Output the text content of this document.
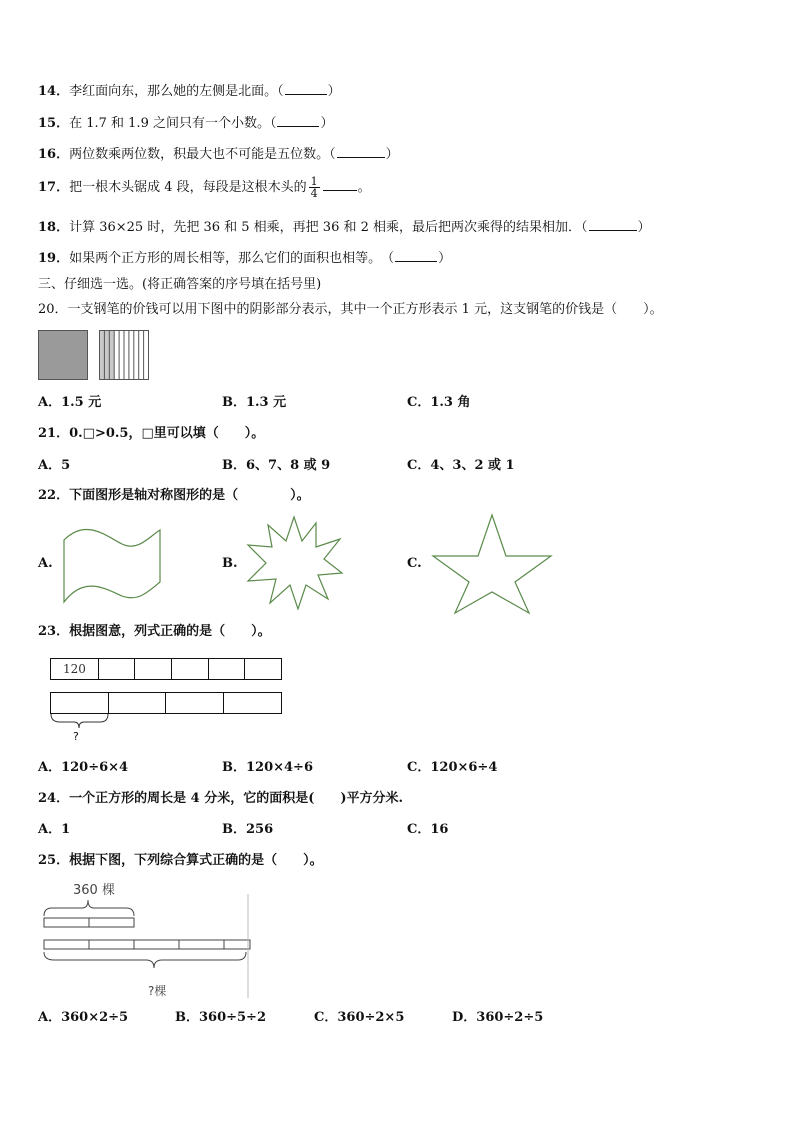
14．李红面向东，那么她的左侧是北面。（	）
15．在 1.7 和 1.9 之间只有一个小数。（	）
16．两位数乘两位数，积最大也不可能是五位数。（	）
17．把一根木头锯成 4 段，每段是这根木头的 $\frac{1}{4}$	。
18．计算 36×25 时，先把 36 和 5 相乘，再把 36 和 2 相乘，最后把两次乘得的结果相加．（	）
19．如果两个正方形的周长相等，那么它们的面积也相等。　（	）
三、仔细选一选。(将正确答案的序号填在括号里)
20．一支钢笔的价钱可以用下图中的阴影部分表示，其中一个正方形表示 1 元，这支钢笔的价钱是（　　）。
A．1.5 元	B．1.3 元	C．1.3 角
21．0.□>0.5，□里可以填（　　）。
A．5	B．6、7、8 或 9	C．4、3、2 或 1
22．下面图形是轴对称图形的是（　　　　）。
A.	B.	C.
23．根据图意，列式正确的是（　　）。
120
?
A．120÷6×4	B．120×4÷6	C．120×6÷4
24．一个正方形的周长是 4 分米，它的面积是(　　)平方分米.
A．1	B．256	C．16
25．根据下图，下列综合算式正确的是（　　）。
360 棵
?棵
A．360×2÷5	B．360÷5÷2	C．360÷2×5	D．360÷2÷5
